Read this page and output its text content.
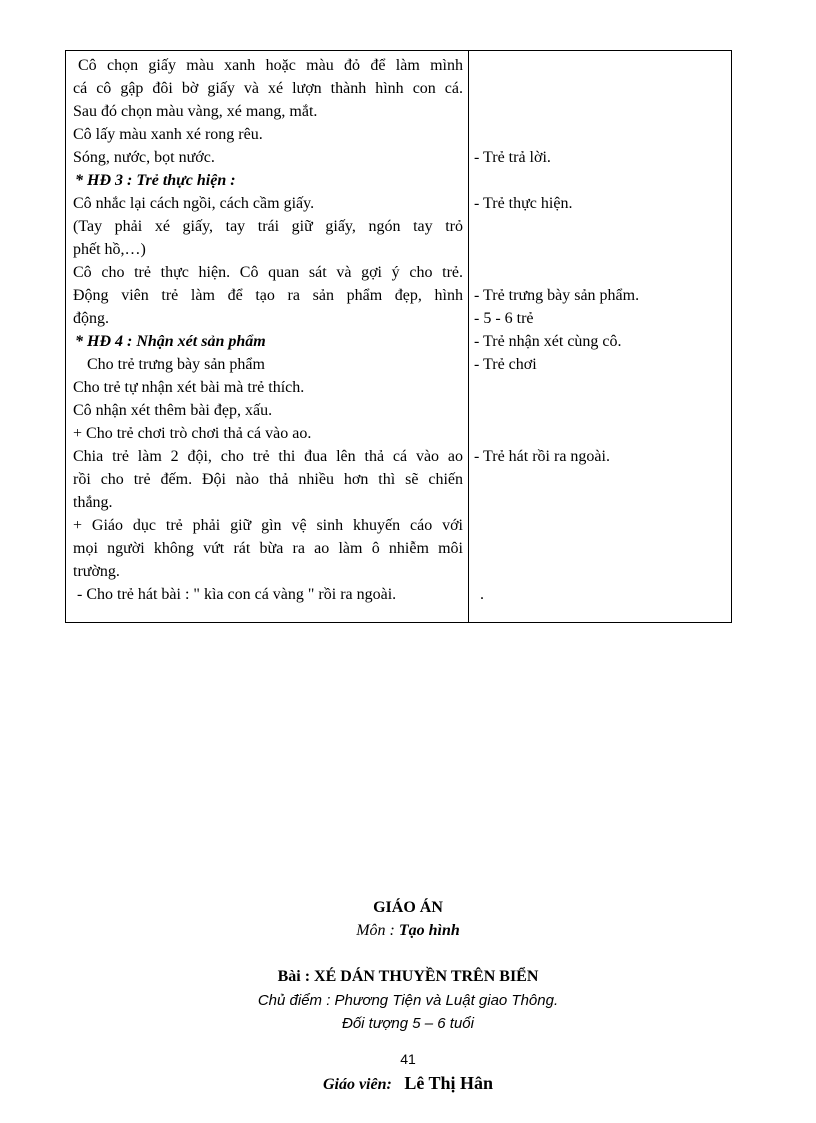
Cô chọn giấy màu xanh hoặc màu đỏ để làm mình
cá cô gập đôi bờ giấy và xé lượn thành hình con cá.
Sau đó chọn màu vàng, xé mang, mắt.
Cô lấy màu xanh xé rong rêu.
Sóng, nước, bọt nước.
* HĐ 3 : Trẻ thực hiện :
Cô nhắc lại cách ngồi, cách cầm giấy.
(Tay phải xé giấy, tay trái giữ giấy, ngón tay trỏ
phết hồ,…)
Cô cho trẻ thực hiện. Cô quan sát và gợi ý cho trẻ.
Động viên trẻ làm để tạo ra sản phẩm đẹp, hình
động.
* HĐ 4 : Nhận xét sản phẩm
Cho trẻ trưng bày sản phẩm
Cho trẻ tự nhận xét bài mà trẻ thích.
Cô nhận xét thêm bài đẹp, xấu.
+ Cho trẻ chơi trò chơi thả cá vào ao.
Chia trẻ làm 2 đội, cho trẻ thi đua lên thả cá vào ao
rồi cho trẻ đếm. Đội nào thả nhiều hơn thì sẽ chiến
thắng.
+ Giáo dục trẻ phải giữ gìn vệ sinh khuyến cáo với
mọi người không vứt rát bừa ra ao làm ô nhiễm môi
trường.
- Cho trẻ hát bài : " kìa con cá vàng " rồi ra ngoài.
- Trẻ trả lời.
- Trẻ thực hiện.
- Trẻ trưng bày sản phẩm.
- 5 - 6 trẻ
- Trẻ nhận xét cùng cô.
- Trẻ chơi
- Trẻ hát rồi ra ngoài.
.
GIÁO ÁN
Môn : Tạo hình
Bài : XÉ DÁN THUYỀN TRÊN BIỂN
Chủ điểm : Phương Tiện và Luật giao Thông.
Đối tượng 5 – 6 tuổi
41
Giáo viên: Lê Thị Hân
